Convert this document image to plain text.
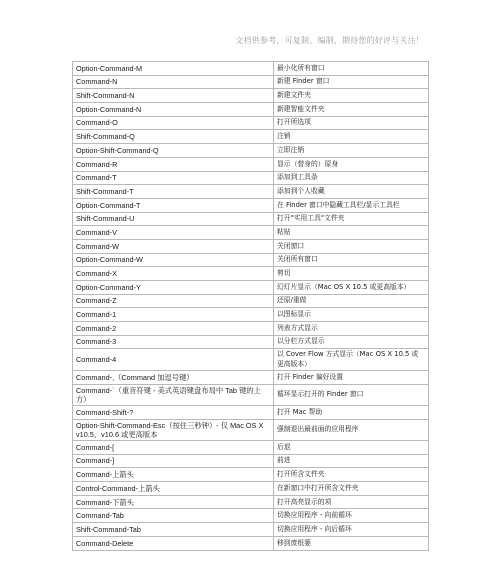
文档供参考，可复制、编制，期待您的好评与关注！
Option-Command-M	最小化所有窗口
Command-N	新建 Finder 窗口
Shift-Command-N	新建文件夹
Option-Command-N	新建智能文件夹
Command-O	打开所选项
Shift-Command-Q	注销
Option-Shift-Command-Q	立即注销
Command-R	显示（替身的）原身
Command-T	添加到工具条
Shift-Command-T	添加到个人收藏
Option-Command-T	在 Finder 窗口中隐藏工具栏/显示工具栏
Shift-Command-U	打开"实用工具"文件夹
Command-V	粘贴
Command-W	关闭窗口
Option-Command-W	关闭所有窗口
Command-X	剪切
Option-Command-Y	幻灯片显示（Mac OS X 10.5 或更高版本）
Command-Z	还原/重做
Command-1	以图标显示
Command-2	列表方式显示
Command-3	以分栏方式显示
Command-4	以 Cover Flow 方式显示（Mac OS X 10.5 或更高版本）
Command-,（Command 加逗号键）	打开 Finder 偏好设置
Command-`（重音符键 - 美式英语键盘布局中 Tab 键的上方）	循环显示打开的 Finder 窗口
Command-Shift-?	打开 Mac 帮助
Option-Shift-Command-Esc（按住三秒钟）- 仅 Mac OS X v10.5、v10.6 或更高版本	强制退出最前面的应用程序
Command-[	后退
Command-]	前进
Command-上箭头	打开所含文件夹
Control-Command-上箭头	在新窗口中打开所含文件夹
Command-下箭头	打开高亮显示的项
Command-Tab	切换应用程序 - 向前循环
Shift-Command-Tab	切换应用程序 - 向后循环
Command-Delete	移到废纸篓
